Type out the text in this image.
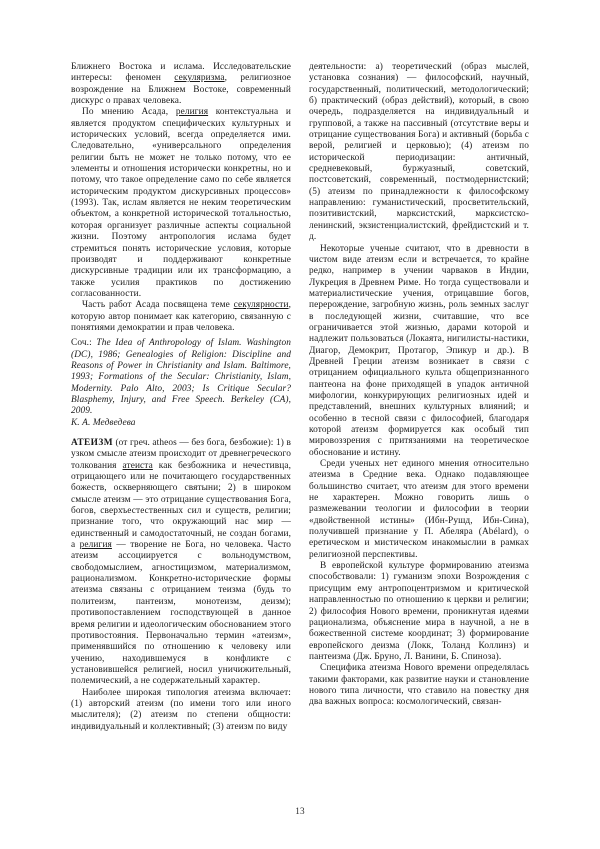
Ближнего Востока и ислама. Исследовательские интересы: феномен секуляризма, религиозное возрождение на Ближнем Востоке, современный дискурс о правах человека.

По мнению Асада, религия контекстуальна и является продуктом специфических культурных и исторических условий, всегда определяется ими. Следовательно, «универсального определения религии быть не может не только потому, что ее элементы и отношения исторически конкретны, но и потому, что такое определение само по себе является историческим продуктом дискурсивных процессов» (1993). Так, ислам является не неким теоретическим объектом, а конкретной исторической тотальностью, которая организует различные аспекты социальной жизни. Поэтому антропология ислама будет стремиться понять исторические условия, которые производят и поддерживают конкретные дискурсивные традиции или их трансформацию, а также усилия практиков по достижению согласованности.

Часть работ Асада посвящена теме секулярности, которую автор понимает как категорию, связанную с понятиями демократии и прав человека.

Соч.: The Idea of Anthropology of Islam. Washington (DC), 1986; Genealogies of Religion: Discipline and Reasons of Power in Christianity and Islam. Baltimore, 1993; Formations of the Secular: Christianity, Islam, Modernity. Palo Alto, 2003; Is Critique Secular? Blasphemy, Injury, and Free Speech. Berkeley (CA), 2009.

К. А. Медведева

АТЕИЗМ (от греч. atheos — без бога, безбожие): 1) в узком смысле атеизм происходит от древнегреческого толкования атеиста как безбожника и нечестивца, отрицающего или не почитающего государственных божеств, оскверняющего святыни; 2) в широком смысле атеизм — это отрицание существования Бога, богов, сверхъестественных сил и существ, религии; признание того, что окружающий нас мир — единственный и самодостаточный, не создан богами, а религия — творение не Бога, но человека. Часто атеизм ассоциируется с вольнодумством, свободомыслием, агностицизмом, материализмом, рационализмом. Конкретно-исторические формы атеизма связаны с отрицанием теизма (будь то политеизм, пантеизм, монотеизм, деизм); противопоставлением господствующей в данное время религии и идеологическим обоснованием этого противостояния. Первоначально термин «атеизм», применявшийся по отношению к человеку или учению, находившемуся в конфликте с установившейся религией, носил уничижительный, полемический, а не содержательный характер.

Наиболее широкая типология атеизма включает: (1) авторский атеизм (по имени того или иного мыслителя); (2) атеизм по степени общности: индивидуальный и коллективный; (3) атеизм по виду

деятельности: а) теоретический (образ мыслей, установка сознания) — философский, научный, государственный, политический, методологический; б) практический (образ действий), который, в свою очередь, подразделяется на индивидуальный и групповой, а также на пассивный (отсутствие веры и отрицание существования Бога) и активный (борьба с верой, религией и церковью); (4) атеизм по исторической периодизации: античный, средневековый, буржуазный, советский, постсоветский, современный, постмодернистский; (5) атеизм по принадлежности к философскому направлению: гуманистический, просветительский, позитивистский, марксистский, марксистско-ленинский, экзистенциалистский, фрейдистский и т. д.

Некоторые ученые считают, что в древности в чистом виде атеизм если и встречается, то крайне редко, например в учении чарваков в Индии, Лукреция в Древнем Риме. Но тогда существовали и материалистические учения, отрицавшие богов, перерождение, загробную жизнь, роль земных заслуг в последующей жизни, считавшие, что все ограничивается этой жизнью, дарами которой и надлежит пользоваться (Локаята, нигилисты-настики, Диагор, Демокрит, Протагор, Эпикур и др.). В Древней Греции атеизм возникает в связи с отрицанием официального культа общепризнанного пантеона на фоне приходящей в упадок античной мифологии, конкурирующих религиозных идей и представлений, внешних культурных влияний; и особенно в тесной связи с философией, благодаря которой атеизм формируется как особый тип мировоззрения с притязаниями на теоретическое обоснование и истину.

Среди ученых нет единого мнения относительно атеизма в Средние века. Однако подавляющее большинство считает, что атеизм для этого времени не характерен. Можно говорить лишь о размежевании теологии и философии в теории «двойственной истины» (Ибн-Рушд, Ибн-Сина), получившей признание у П. Абеляра (Abélard), о еретическом и мистическом инакомыслии в рамках религиозной перспективы.

В европейской культуре формированию атеизма способствовали: 1) гуманизм эпохи Возрождения с присущим ему антропоцентризмом и критической направленностью по отношению к церкви и религии; 2) философия Нового времени, проникнутая идеями рационализма, объяснение мира в научной, а не в божественной системе координат; 3) формирование европейского деизма (Локк, Толанд Коллинз) и пантеизма (Дж. Бруно, Л. Ванини, Б. Спиноза).

Специфика атеизма Нового времени определялась такими факторами, как развитие науки и становление нового типа личности, что ставило на повестку дня два важных вопроса: космологический, связан-

13
